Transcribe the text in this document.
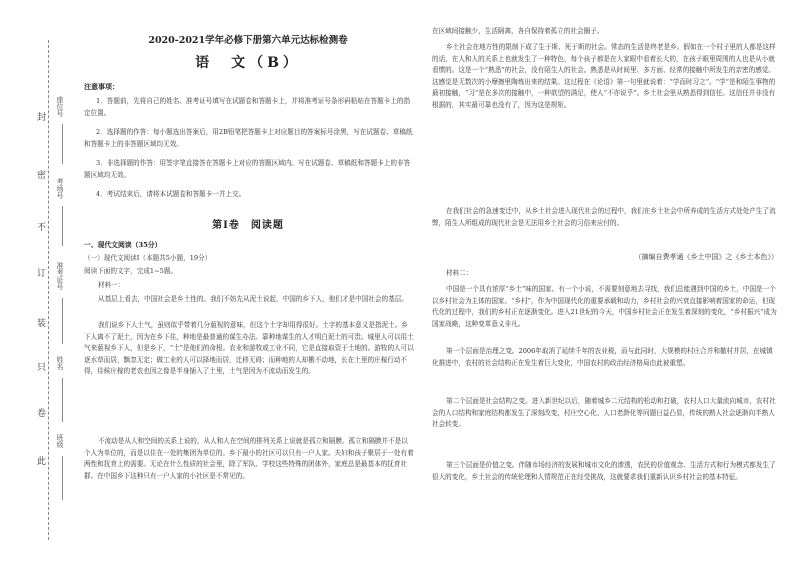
封
密
不
订
装
只
卷
此
座位号
考场号
准考证号
姓名
班级
2020-2021学年必修下册第六单元达标检测卷
语　文（B）
注意事项：
1．答题前，先将自己的姓名、准考证号填写在试题卷和答题卡上，并将准考证号条形码粘贴在答题卡上的指定位置。
2．选择题的作答：每小题选出答案后，用2B铅笔把答题卡上对应题目的答案标号涂黑，写在试题卷、草稿纸和答题卡上的非答题区域均无效。
3．非选择题的作答：用签字笔直接答在答题卡上对应的答题区域内。写在试题卷、草稿纸和答题卡上的非答题区域均无效。
4．考试结束后，请将本试题卷和答题卡一并上交。
第Ⅰ卷　阅读题
一、现代文阅读（35分）
（一）现代文阅读Ⅰ（本题共5小题，19分）
阅读下面的文字，完成1~5题。
材料一：
从基层上看去，中国社会是乡土性的。我们不妨先从泥土说起，中国的乡下人，他们才是中国社会的基层。
我们说乡下人土气，虽则似乎带着几分藐视的意味，但这个土字却用得很好。土字的基本意义是指泥土。乡下人离不了泥土，因为在乡下住，种地是最普通的谋生办法。靠种地谋生的人才明白泥土的可贵。城里人可以用土气来藐视乡下人，但是乡下，“土”是他们的命根。农业和游牧或工业不同，它是直接取资于土地的。游牧的人可以逐水草而居，飘忽无定；做工业的人可以择地而居，迁移无碍；而种地的人却搬不动地，长在土里的庄稼行动不得，侍候庄稼的老农也因之像是半身插入了土里，土气是因为不流动而发生的。
不流动是从人和空间的关系上说的，从人和人在空间的排列关系上说就是孤立和隔膜。孤立和隔膜并不是以个人为单位的，而是以住在一处的集团为单位的。乡下最小的社区可以只有一户人家。夫妇和孩子聚居于一处有着两性和抚育上的需要。无论在什么性质的社会里，除了军队、学校这些特殊的团体外，家庭总是最基本的抚育社群。在中国乡下这种只有一户人家的小社区是不常见的。
在区域间接触少，生活隔离，各自保持着孤立的社会圈子。
乡土社会在地方性的限制下成了生于斯、死于斯的社会。常态的生活是终老是乡。假如在一个村子里的人都是这样的话，在人和人的关系上也就发生了一种特色，每个孩子都是在人家眼中看着长大的，在孩子眼里周围的人也是从小就看惯的。这是一个“熟悉”的社会，没有陌生人的社会。熟悉是从时间里、多方面、经常的接触中所发生的亲密的感觉。这感觉是无数次的小摩擦里陶炼出来的结果。这过程在《论语》第一句里就说着：“学而时习之”。“学”是和陌生事物的最初接触，“习”是在多次的接触中，一种欲望的满足，使人“不亦说乎”。乡土社会里从熟悉得到信任。这信任并非没有根据的，其实最可靠也没有了，因为这是规矩。
在我们社会的急速变迁中，从乡土社会进入现代社会的过程中，我们在乡土社会中所养成的生活方式处处产生了流弊，陌生人所组成的现代社会是无法用乡土社会的习俗来应付的。
（摘编自费孝通《乡土中国》之《乡土本色》）
材料二：
中国是一个具有浓厚“乡土”味的国家。有一个小说，不需要刻意地去寻找，我们总能遇到中国的乡土，中国是一个以乡村社会为主体的国家。“乡村”，作为中国现代化的重要承载和动力，乡村社会的兴衰直接影响着国家的命运，但现代化的过程中，我们的乡村正在逐渐变化。进入21世纪的今天，中国乡村社会正在发生着深刻的变化，“乡村振兴”成为国家战略，这种变革意义非凡。
第一个层面是治理之变。2006年取消了延续千年的农业税，而与此同时，大规模的村庄合并和撤村并居，在城镇化推进中，农村的社会结构正在发生着巨大变化，中国农村的政治经济格局由此被重塑。
第二个层面是社会结构之变。进入新世纪以后，随着城乡二元结构的松动和打破，农村人口大量流向城市，农村社会的人口结构和家庭结构都发生了深刻改变，村庄空心化、人口老龄化等问题日益凸显，传统的熟人社会逐渐向半熟人社会转变。
第三个层面是价值之变。伴随市场经济的发展和城市文化的渗透，农民的价值观念、生活方式和行为模式都发生了很大的变化，乡土社会的传统伦理和人情规范正在经受挑战，这就要求我们重新认识乡村社会的基本特征。
